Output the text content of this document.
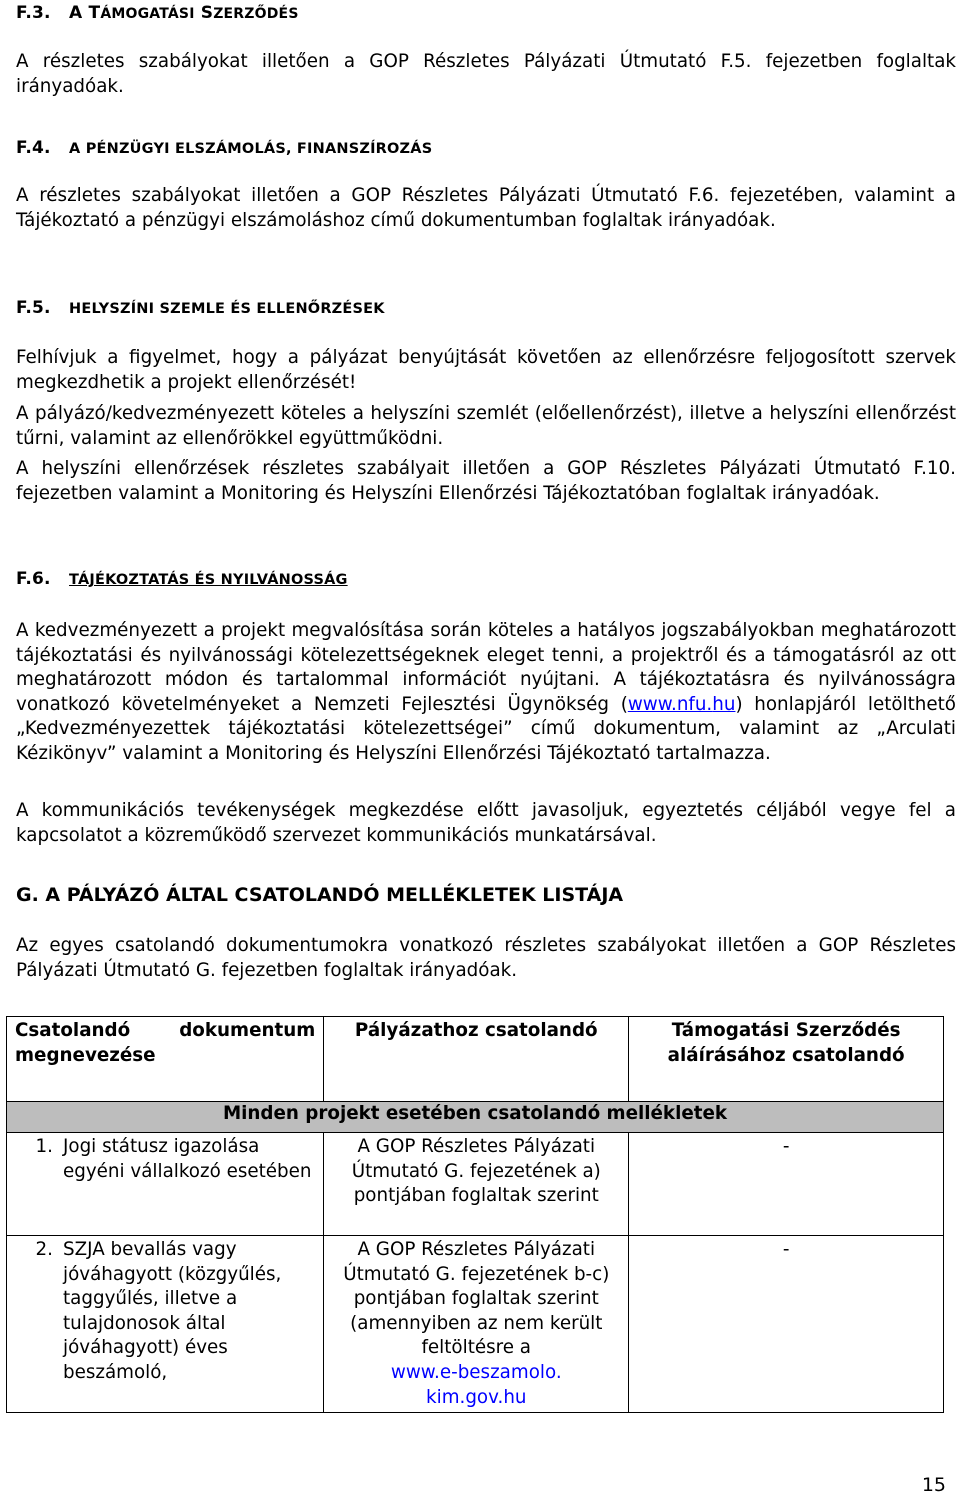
F.3. A TÁMOGATÁSI SZERZŐDÉS
A részletes szabályokat illetően a GOP Részletes Pályázati Útmutató F.5. fejezetben foglaltak irányadóak.
F.4. A PÉNZÜGYI ELSZÁMOLÁS, FINANSZÍROZÁS
A részletes szabályokat illetően a GOP Részletes Pályázati Útmutató F.6. fejezetében, valamint a Tájékoztató a pénzügyi elszámoláshoz című dokumentumban foglaltak irányadóak.
F.5. HELYSZÍNI SZEMLE ÉS ELLENŐRZÉSEK
Felhívjuk a figyelmet, hogy a pályázat benyújtását követően az ellenőrzésre feljogosított szervek megkezdhetik a projekt ellenőrzését!
A pályázó/kedvezményezett köteles a helyszíni szemlét (előellenőrzést), illetve a helyszíni ellenőrzést tűrni, valamint az ellenőrökkel együttműködni.
A helyszíni ellenőrzések részletes szabályait illetően a GOP Részletes Pályázati Útmutató F.10. fejezetben valamint a Monitoring és Helyszíni Ellenőrzési Tájékoztatóban foglaltak irányadóak.
F.6. TÁJÉKOZTATÁS ÉS NYILVÁNOSSÁG
A kedvezményezett a projekt megvalósítása során köteles a hatályos jogszabályokban meghatározott tájékoztatási és nyilvánossági kötelezettségeknek eleget tenni, a projektről és a támogatásról az ott meghatározott módon és tartalommal információt nyújtani. A tájékoztatásra és nyilvánosságra vonatkozó követelményeket a Nemzeti Fejlesztési Ügynökség (www.nfu.hu) honlapjáról letölthető „Kedvezményezettek tájékoztatási kötelezettségei” című dokumentum, valamint az „Arculati Kézikönyv” valamint a Monitoring és Helyszíni Ellenőrzési Tájékoztató tartalmazza.
A kommunikációs tevékenységek megkezdése előtt javasoljuk, egyeztetés céljából vegye fel a kapcsolatot a közreműködő szervezet kommunikációs munkatársával.
G. A PÁLYÁZÓ ÁLTAL CSATOLANDÓ MELLÉKLETEK LISTÁJA
Az egyes csatolandó dokumentumokra vonatkozó részletes szabályokat illetően a GOP Részletes Pályázati Útmutató G. fejezetben foglaltak irányadóak.
Csatolandó dokumentum megnevezése	Pályázathoz csatolandó	Támogatási Szerződés aláírásához csatolandó
Minden projekt esetében csatolandó mellékletek		

1. Jogi státusz igazolása egyéni vállalkozó esetében	A GOP Részletes Pályázati Útmutató G. fejezetének a) pontjában foglaltak szerint	-

2. SZJA bevallás vagy jóváhagyott (közgyűlés, taggyűlés, illetve a tulajdonosok által jóváhagyott) éves beszámoló,	A GOP Részletes Pályázati Útmutató G. fejezetének b-c) pontjában foglaltak szerint (amennyiben az nem került feltöltésre a
www.e-beszamolo.
kim.gov.hu	-
15
